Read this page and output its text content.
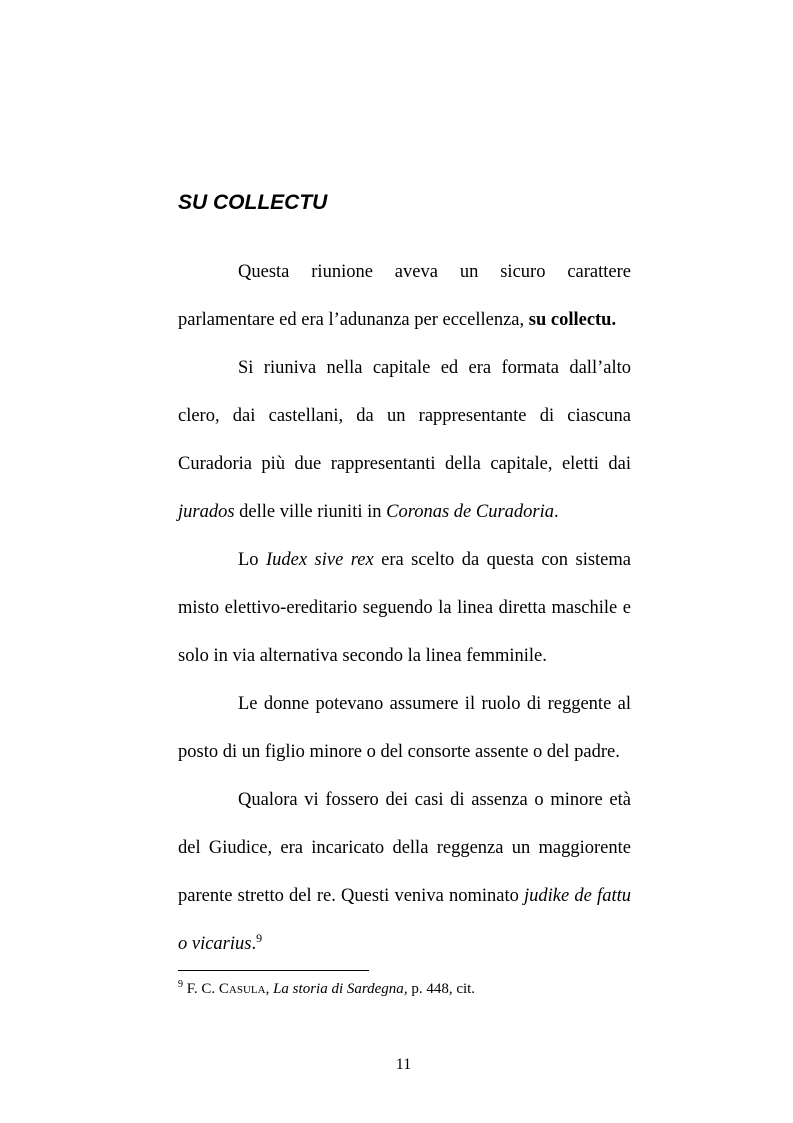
SU COLLECTU

Questa riunione aveva un sicuro carattere parlamentare ed era l’adunanza per eccellenza, su collectu.

Si riuniva nella capitale ed era formata dall’alto clero, dai castellani, da un rappresentante di ciascuna Curadoria più due rappresentanti della capitale, eletti dai jurados delle ville riuniti in Coronas de Curadoria.

Lo Iudex sive rex era scelto da questa con sistema misto elettivo-ereditario seguendo la linea diretta maschile e solo in via alternativa secondo la linea femminile.

Le donne potevano assumere il ruolo di reggente al posto di un figlio minore o del consorte assente o del padre.

Qualora vi fossero dei casi di assenza o minore età del Giudice, era incaricato della reggenza un maggiorente parente stretto del re. Questi veniva nominato judike de fattu o vicarius.$^9$

$^9$ F. C. Casula, La storia di Sardegna, p. 448, cit.
11
